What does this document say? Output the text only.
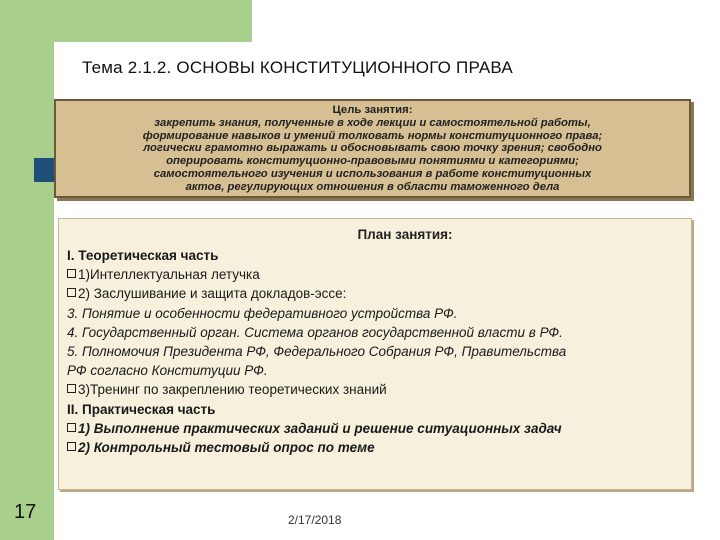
Тема 2.1.2. ОСНОВЫ КОНСТИТУЦИОННОГО ПРАВА
Цель занятия:
закрепить знания, полученные в ходе лекции и самостоятельной работы,
формирование навыков и умений толковать нормы конституционного права;
логически грамотно выражать и обосновывать свою точку зрения; свободно
оперировать конституционно-правовыми понятиями и категориями;
самостоятельного изучения и использования в работе конституционных
актов, регулирующих отношения в области таможенного дела
План занятия:
I. Теоретическая часть
1)Интеллектуальная летучка
2) Заслушивание и защита докладов-эссе:
3. Понятие и особенности федеративного устройства РФ.
4. Государственный орган. Система органов государственной власти в РФ.
5. Полномочия Президента РФ, Федерального Собрания РФ, Правительства
РФ согласно Конституции РФ.
3)Тренинг по закреплению теоретических знаний
II. Практическая часть
1) Выполнение практических заданий и решение ситуационных задач
2) Контрольный тестовый опрос по теме
17	2/17/2018
